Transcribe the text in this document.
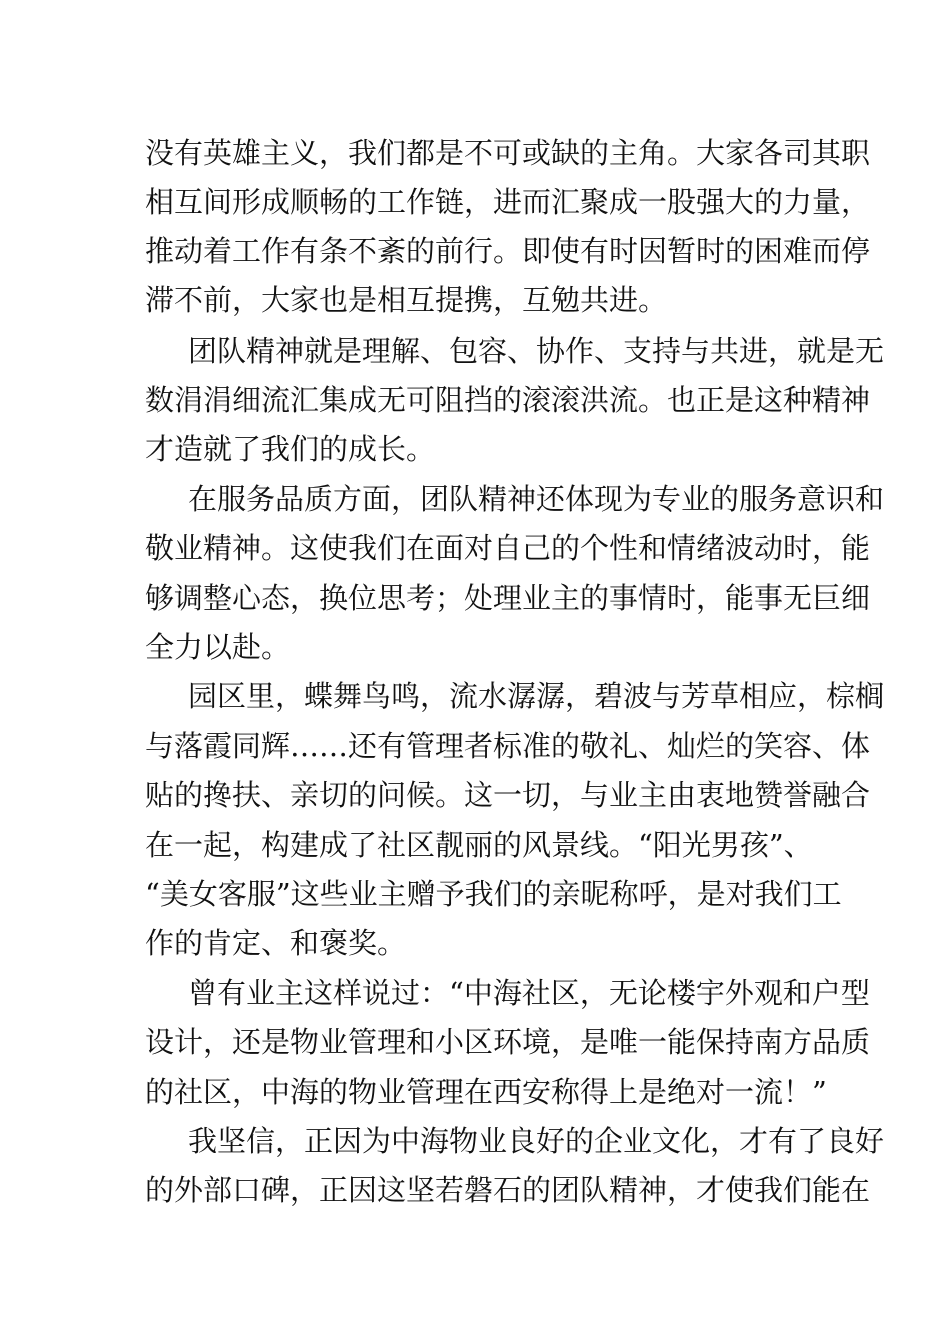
没有英雄主义，我们都是不可或缺的主角。大家各司其职
相互间形成顺畅的工作链，进而汇聚成一股强大的力量，
推动着工作有条不紊的前行。即使有时因暂时的困难而停
滞不前，大家也是相互提携，互勉共进。
团队精神就是理解、包容、协作、支持与共进，就是无
数涓涓细流汇集成无可阻挡的滚滚洪流。也正是这种精神
才造就了我们的成长。
在服务品质方面，团队精神还体现为专业的服务意识和
敬业精神。这使我们在面对自己的个性和情绪波动时，能
够调整心态，换位思考；处理业主的事情时，能事无巨细
全力以赴。
园区里，蝶舞鸟鸣，流水潺潺，碧波与芳草相应，棕榈
与落霞同辉……还有管理者标准的敬礼、灿烂的笑容、体
贴的搀扶、亲切的问候。这一切，与业主由衷地赞誉融合
在一起，构建成了社区靓丽的风景线。“阳光男孩”、
“美女客服”这些业主赠予我们的亲昵称呼，是对我们工
作的肯定、和褒奖。
曾有业主这样说过：“中海社区，无论楼宇外观和户型
设计，还是物业管理和小区环境，是唯一能保持南方品质
的社区，中海的物业管理在西安称得上是绝对一流！”
我坚信，正因为中海物业良好的企业文化，才有了良好
的外部口碑，正因这坚若磐石的团队精神，才使我们能在
